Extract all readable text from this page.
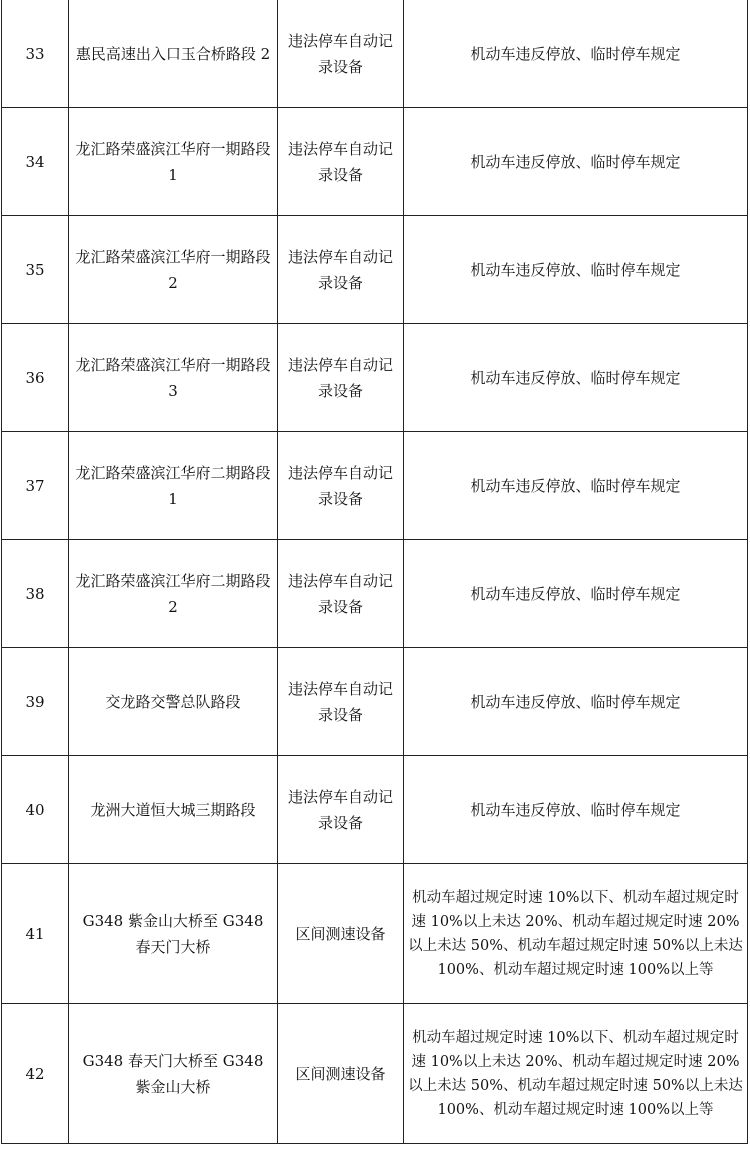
33	惠民高速出入口玉合桥路段 2	违法停车自动记录设备	机动车违反停放、临时停车规定
34	龙汇路荣盛滨江华府一期路段 1	违法停车自动记录设备	机动车违反停放、临时停车规定
35	龙汇路荣盛滨江华府一期路段 2	违法停车自动记录设备	机动车违反停放、临时停车规定
36	龙汇路荣盛滨江华府一期路段 3	违法停车自动记录设备	机动车违反停放、临时停车规定
37	龙汇路荣盛滨江华府二期路段 1	违法停车自动记录设备	机动车违反停放、临时停车规定
38	龙汇路荣盛滨江华府二期路段 2	违法停车自动记录设备	机动车违反停放、临时停车规定
39	交龙路交警总队路段	违法停车自动记录设备	机动车违反停放、临时停车规定
40	龙洲大道恒大城三期路段	违法停车自动记录设备	机动车违反停放、临时停车规定
41	G348 紫金山大桥至 G348 春天门大桥	区间测速设备	机动车超过规定时速 10%以下、机动车超过规定时速 10%以上未达 20%、机动车超过规定时速 20%以上未达 50%、机动车超过规定时速 50%以上未达 100%、机动车超过规定时速 100%以上等
42	G348 春天门大桥至 G348 紫金山大桥	区间测速设备	机动车超过规定时速 10%以下、机动车超过规定时速 10%以上未达 20%、机动车超过规定时速 20%以上未达 50%、机动车超过规定时速 50%以上未达 100%、机动车超过规定时速 100%以上等
